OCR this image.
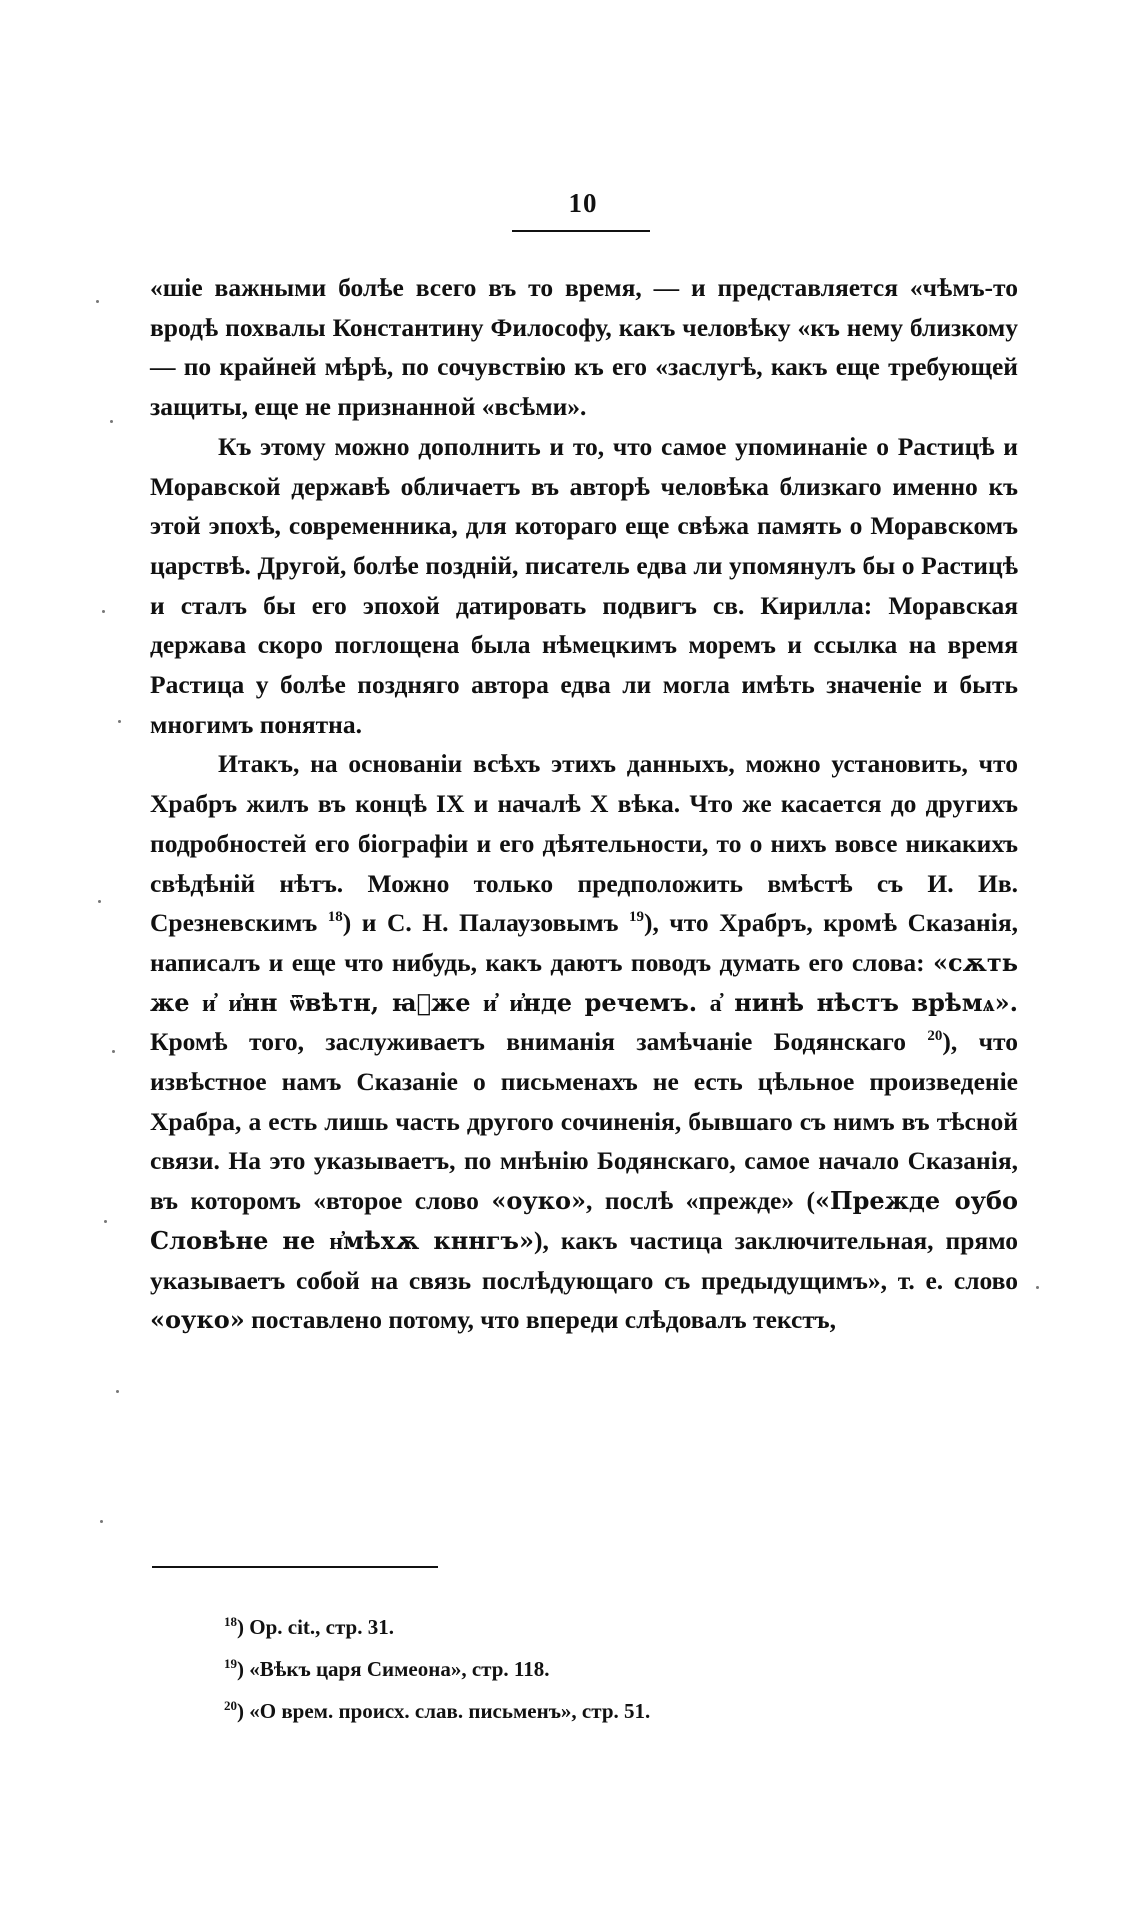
10

«шіе важными болѣе всего въ то время, — и представляется «чѣмъ-то вродѣ похвалы Константину Философу, какъ человѣку «къ нему близкому — по крайней мѣрѣ, по сочувствію къ его «заслугѣ, какъ еще требующей защиты, еще не признанной «всѣми».

Къ этому можно дополнить и то, что самое упоминаніе о Растицѣ и Моравской державѣ обличаетъ въ авторѣ человѣка близкаго именно къ этой эпохѣ, современника, для котораго еще свѣжа память о Моравскомъ царствѣ. Другой, болѣе поздній, писатель едва ли упомянулъ бы о Растицѣ и сталъ бы его эпохой датировать подвигъ св. Кирилла: Моравская держава скоро поглощена была нѣмецкимъ моремъ и ссылка на время Растица у болѣе поздняго автора едва ли могла имѣть значеніе и быть многимъ понятна.

Итакъ, на основаніи всѣхъ этихъ данныхъ, можно установить, что Храбръ жилъ въ концѣ IX и началѣ X вѣка. Что же касается до другихъ подробностей его біографіи и его дѣятельности, то о нихъ вовсе никакихъ свѣдѣній нѣтъ. Можно только предположить вмѣстѣ съ И. Ив. Срезневскимъ $^{18}$) и С. Н. Палаузовымъ $^{19}$), что Храбръ, кромѣ Сказанія, написалъ и еще что нибудь, какъ даютъ поводъ думать его слова: «сѫть же и҆ и҆нн ѿвѣтн, ꙗ҆же и҆ и҆нде речемъ. а҆ нинѣ нѣстъ врѣмѧ». Кромѣ того, заслуживаетъ вниманія замѣчаніе Бодянскаго $^{20}$), что извѣстное намъ Сказаніе о письменахъ не есть цѣльное произведеніе Храбра, а есть лишь часть другого сочиненія, бывшаго съ нимъ въ тѣсной связи. На это указываетъ, по мнѣнію Бодянскаго, самое начало Сказанія, въ которомъ «второе слово «оуко», послѣ «прежде» («Прежде оубо Словѣне не н҆мѣхѫ кннгъ»), какъ частица заключительная, прямо указываетъ собой на связь послѣдующаго съ предыдущимъ», т. е. слово «оуко» поставлено потому, что впереди слѣдовалъ текстъ,

$^{18}$) Op. cit., стр. 31.
$^{19}$) «Вѣкъ царя Симеона», стр. 118.
$^{20}$) «О врем. происх. слав. письменъ», стр. 51.
